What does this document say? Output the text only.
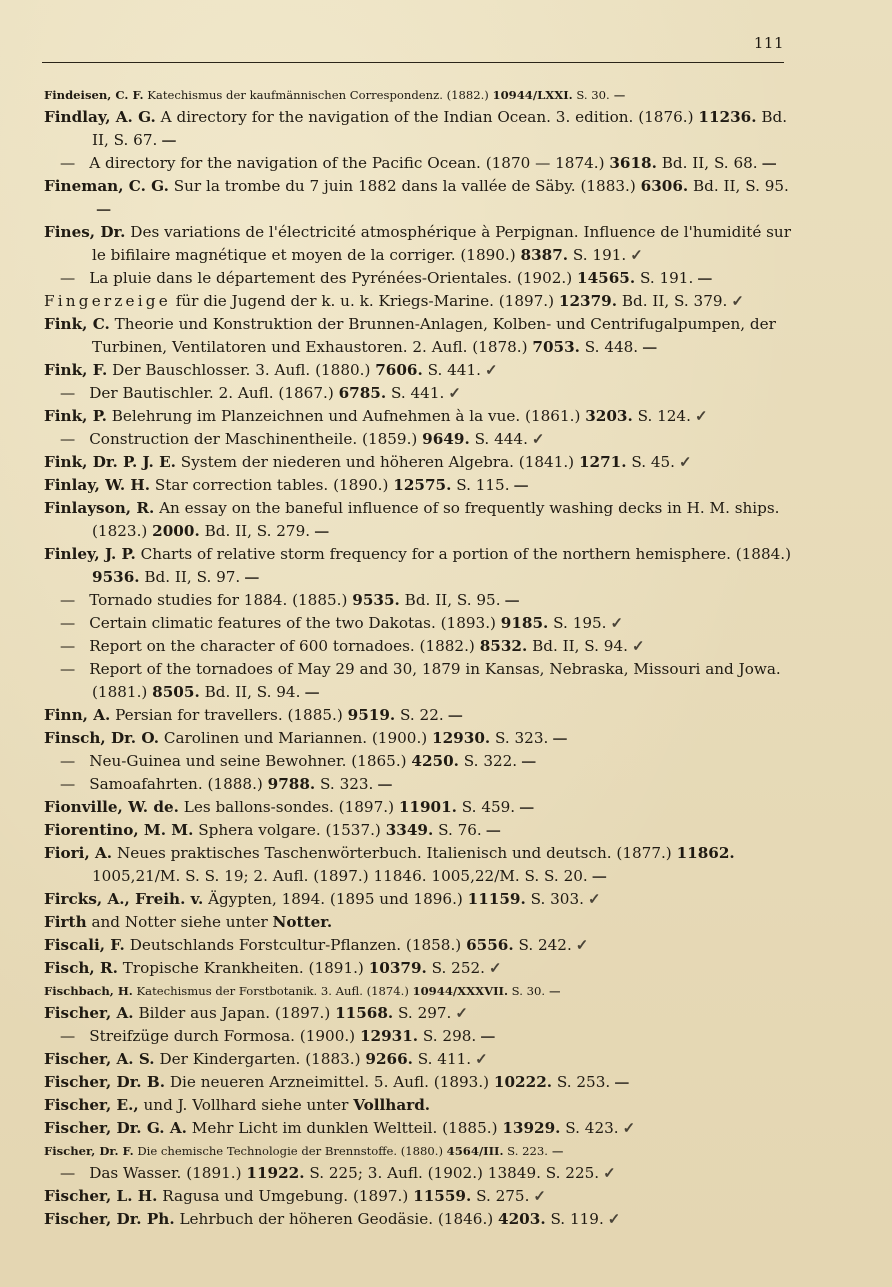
111
Findeisen, C. F. Katechismus der kaufmännischen Correspondenz. (1882.) 10944/LXXI. S. 30. —
Findlay, A. G. A directory for the navigation of the Indian Ocean. 3. edition. (1876.) 11236. Bd. II, S. 67. —
— A directory for the navigation of the Pacific Ocean. (1870 — 1874.) 3618. Bd. II, S. 68. —
Fineman, C. G. Sur la trombe du 7 juin 1882 dans la vallée de Säby. (1883.) 6306. Bd. II, S. 95.—
Fines, Dr. Des variations de l'électricité atmosphérique à Perpignan. Influence de l'humidité sur le bifilaire magnétique et moyen de la corriger. (1890.) 8387. S. 191. ✓
— La pluie dans le département des Pyrénées-Orientales. (1902.) 14565. S. 191. —
Fingerzeige für die Jugend der k. u. k. Kriegs-Marine. (1897.) 12379. Bd. II, S. 379. ✓
Fink, C. Theorie und Konstruktion der Brunnen-Anlagen, Kolben- und Centrifugalpumpen, der Turbinen, Ventilatoren und Exhaustoren. 2. Aufl. (1878.) 7053. S. 448. —
Fink, F. Der Bauschlosser. 3. Aufl. (1880.) 7606. S. 441. ✓
— Der Bautischler. 2. Aufl. (1867.) 6785. S. 441. ✓
Fink, P. Belehrung im Planzeichnen und Aufnehmen à la vue. (1861.) 3203. S. 124. ✓
— Construction der Maschinentheile. (1859.) 9649. S. 444. ✓
Fink, Dr. P. J. E. System der niederen und höheren Algebra. (1841.) 1271. S. 45. ✓
Finlay, W. H. Star correction tables. (1890.) 12575. S. 115. —
Finlayson, R. An essay on the baneful influence of so frequently washing decks in H. M. ships. (1823.) 2000. Bd. II, S. 279. —
Finley, J. P. Charts of relative storm frequency for a portion of the northern hemisphere. (1884.) 9536. Bd. II, S. 97. —
— Tornado studies for 1884. (1885.) 9535. Bd. II, S. 95. —
— Certain climatic features of the two Dakotas. (1893.) 9185. S. 195. ✓
— Report on the character of 600 tornadoes. (1882.) 8532. Bd. II, S. 94. ✓
— Report of the tornadoes of May 29 and 30, 1879 in Kansas, Nebraska, Missouri and Jowa. (1881.) 8505. Bd. II, S. 94. —
Finn, A. Persian for travellers. (1885.) 9519. S. 22. —
Finsch, Dr. O. Carolinen und Mariannen. (1900.) 12930. S. 323. —
— Neu-Guinea und seine Bewohner. (1865.) 4250. S. 322. —
— Samoafahrten. (1888.) 9788. S. 323. —
Fionville, W. de. Les ballons-sondes. (1897.) 11901. S. 459. —
Fiorentino, M. M. Sphera volgare. (1537.) 3349. S. 76. —
Fiori, A. Neues praktisches Taschenwörterbuch. Italienisch und deutsch. (1877.) 11862. 1005,21/M. S. S. 19; 2. Aufl. (1897.) 11846. 1005,22/M. S. S. 20. —
Fircks, A., Freih. v. Ägypten, 1894. (1895 und 1896.) 11159. S. 303. ✓
Firth and Notter siehe unter Notter.
Fiscali, F. Deutschlands Forstcultur-Pflanzen. (1858.) 6556. S. 242. ✓
Fisch, R. Tropische Krankheiten. (1891.) 10379. S. 252. ✓
Fischbach, H. Katechismus der Forstbotanik. 3. Aufl. (1874.) 10944/XXXVII. S. 30. —
Fischer, A. Bilder aus Japan. (1897.) 11568. S. 297. ✓
— Streifzüge durch Formosa. (1900.) 12931. S. 298. —
Fischer, A. S. Der Kindergarten. (1883.) 9266. S. 411. ✓
Fischer, Dr. B. Die neueren Arzneimittel. 5. Aufl. (1893.) 10222. S. 253. —
Fischer, E., und J. Vollhard siehe unter Vollhard.
Fischer, Dr. G. A. Mehr Licht im dunklen Weltteil. (1885.) 13929. S. 423. ✓
Fischer, Dr. F. Die chemische Technologie der Brennstoffe. (1880.) 4564/III. S. 223. —
— Das Wasser. (1891.) 11922. S. 225; 3. Aufl. (1902.) 13849. S. 225. ✓
Fischer, L. H. Ragusa und Umgebung. (1897.) 11559. S. 275. ✓
Fischer, Dr. Ph. Lehrbuch der höheren Geodäsie. (1846.) 4203. S. 119. ✓
